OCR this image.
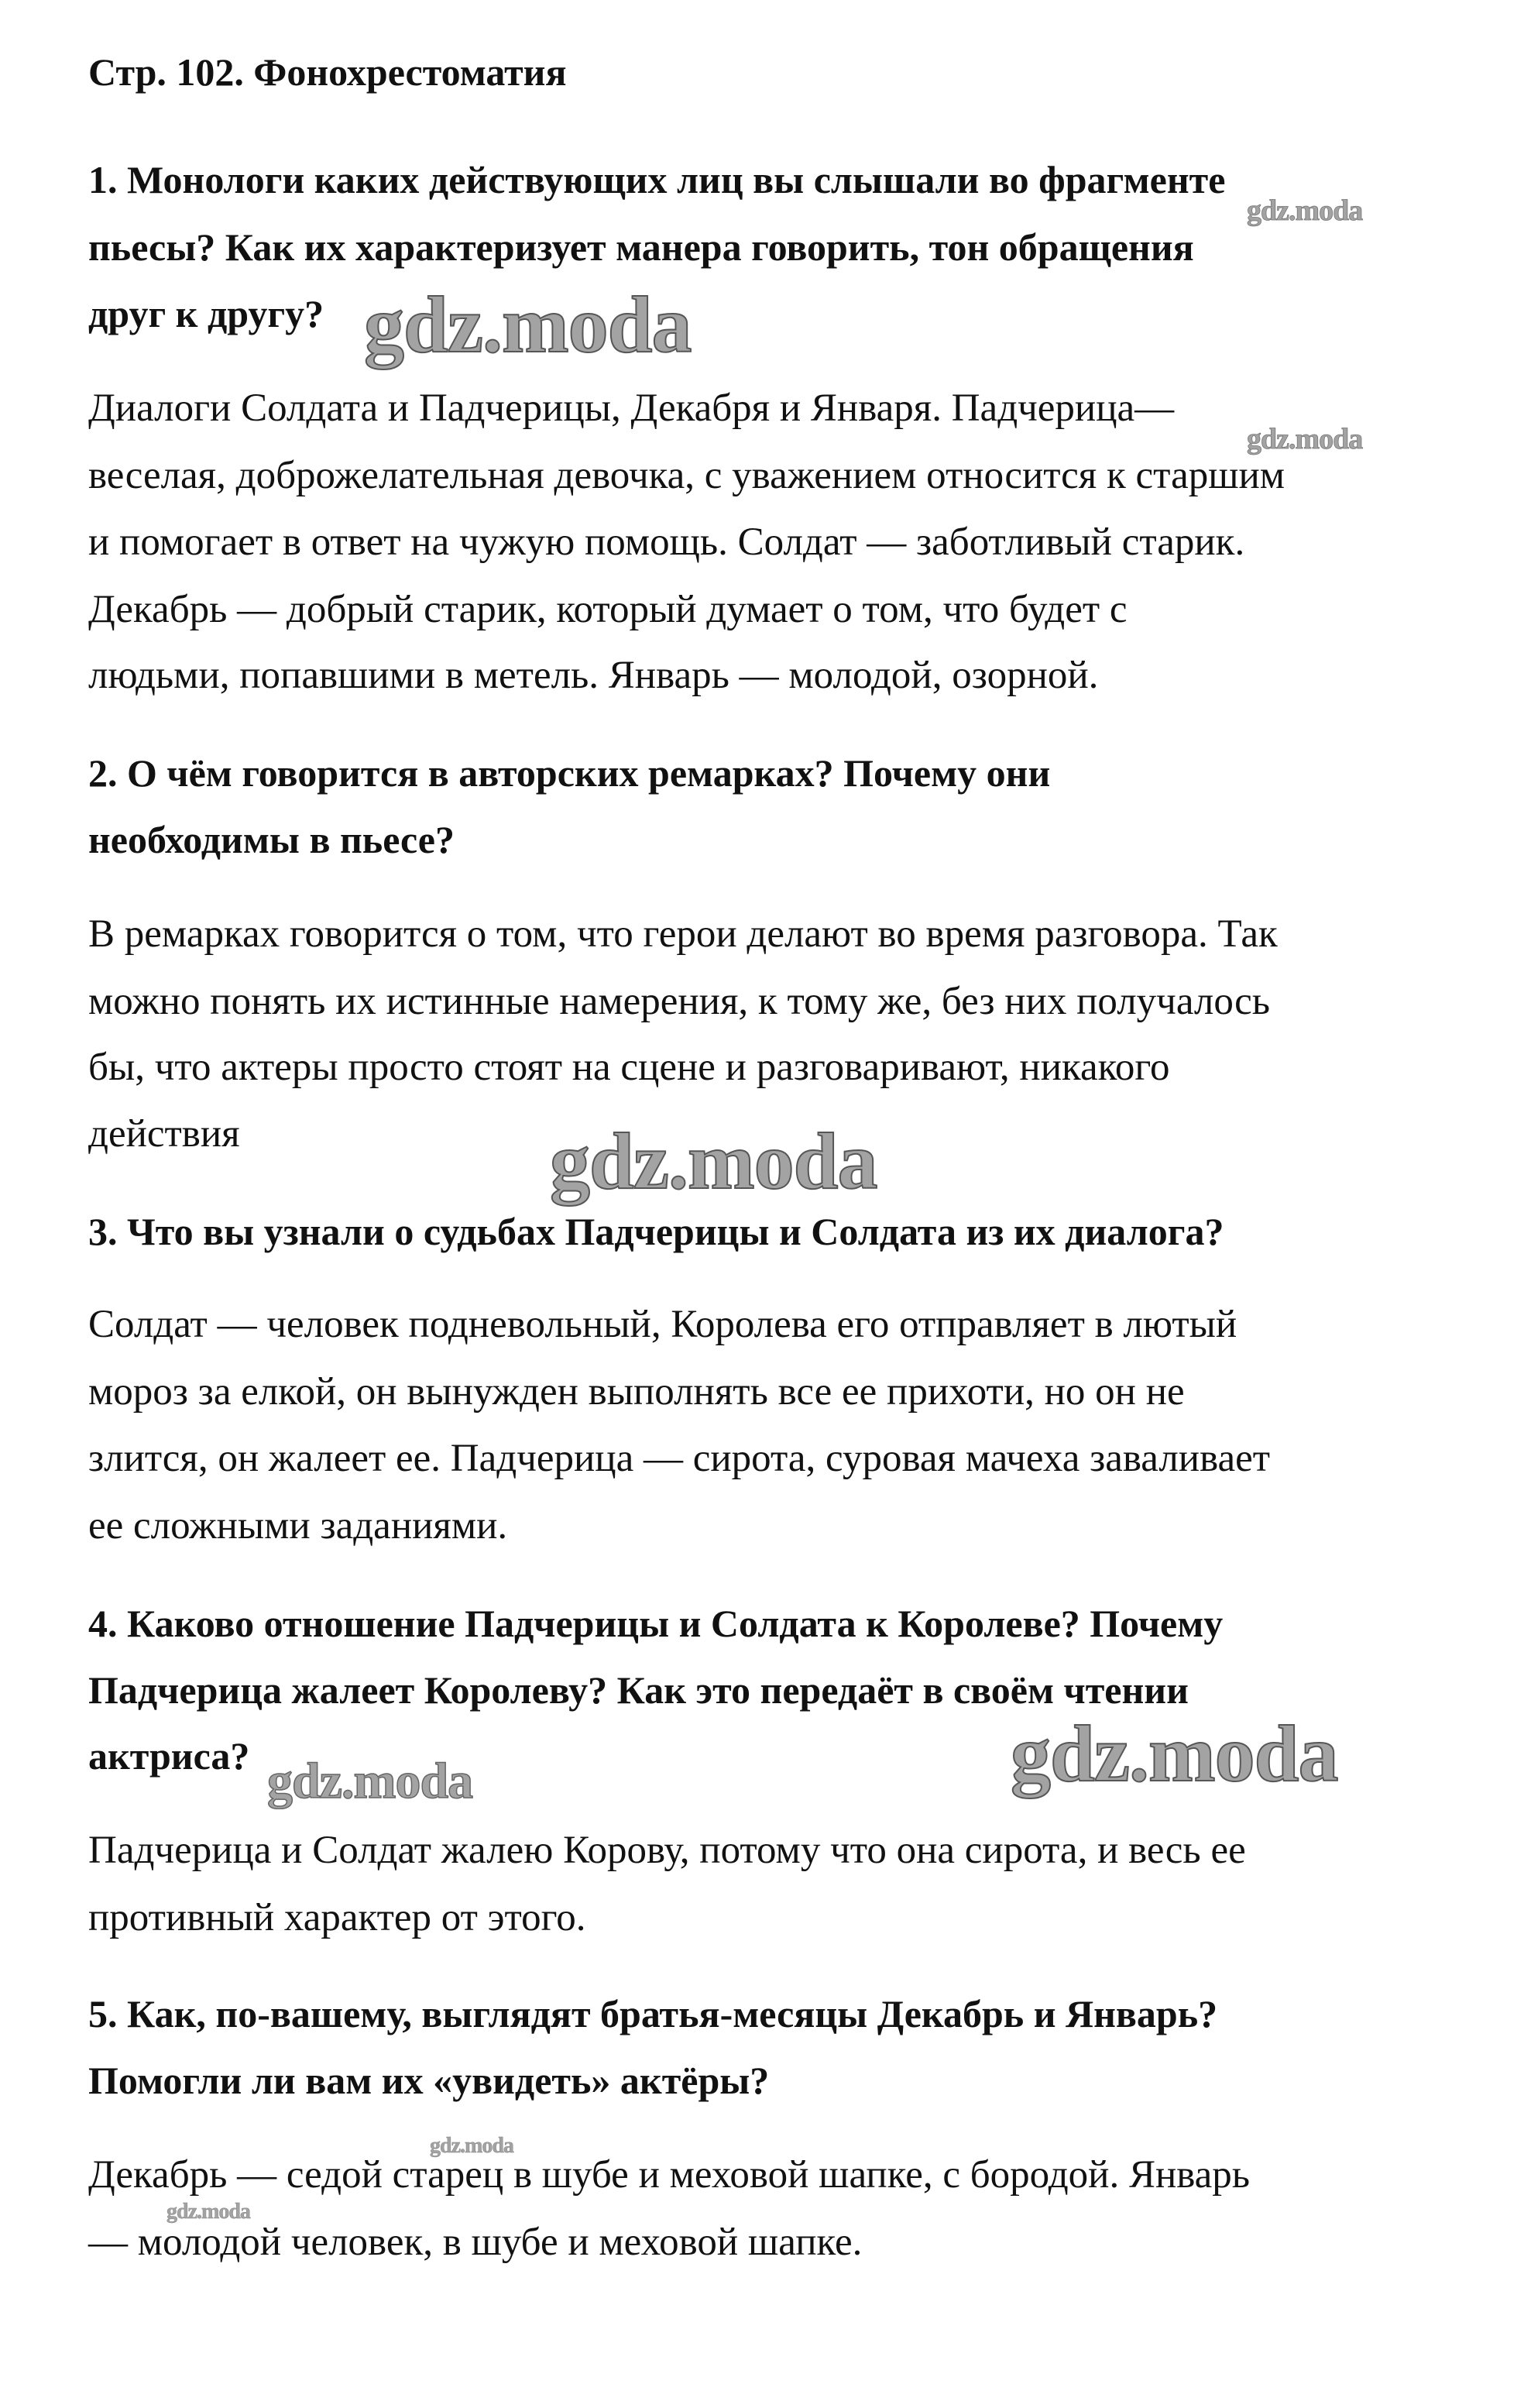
Стр. 102. Фонохрестоматия
1. Монологи каких действующих лиц вы слышали во фрагменте
пьесы? Как их характеризует манера говорить, тон обращения
друг к другу?
Диалоги Солдата и Падчерицы, Декабря и Января. Падчерица—
веселая, доброжелательная девочка, с уважением относится к старшим
и помогает в ответ на чужую помощь. Солдат — заботливый старик.
Декабрь — добрый старик, который думает о том, что будет с
людьми, попавшими в метель. Январь — молодой, озорной.
2. О чём говорится в авторских ремарках? Почему они
необходимы в пьесе?
В ремарках говорится о том, что герои делают во время разговора. Так
можно понять их истинные намерения, к тому же, без них получалось
бы, что актеры просто стоят на сцене и разговаривают, никакого
действия
3. Что вы узнали о судьбах Падчерицы и Солдата из их диалога?
Солдат — человек подневольный, Королева его отправляет в лютый
мороз за елкой, он вынужден выполнять все ее прихоти, но он не
злится, он жалеет ее. Падчерица — сирота, суровая мачеха заваливает
ее сложными заданиями.
4. Каково отношение Падчерицы и Солдата к Королеве? Почему
Падчерица жалеет Королеву? Как это передаёт в своём чтении
актриса?
Падчерица и Солдат жалею Корову, потому что она сирота, и весь ее
противный характер от этого.
5. Как, по-вашему, выглядят братья-месяцы Декабрь и Январь?
Помогли ли вам их «увидеть» актёры?
Декабрь — седой старец в шубе и меховой шапке, с бородой. Январь
— молодой человек, в шубе и меховой шапке.
gdz.moda
gdz.moda
gdz.moda
gdz.moda
gdz.moda
gdz.moda
gdz.moda
gdz.moda
